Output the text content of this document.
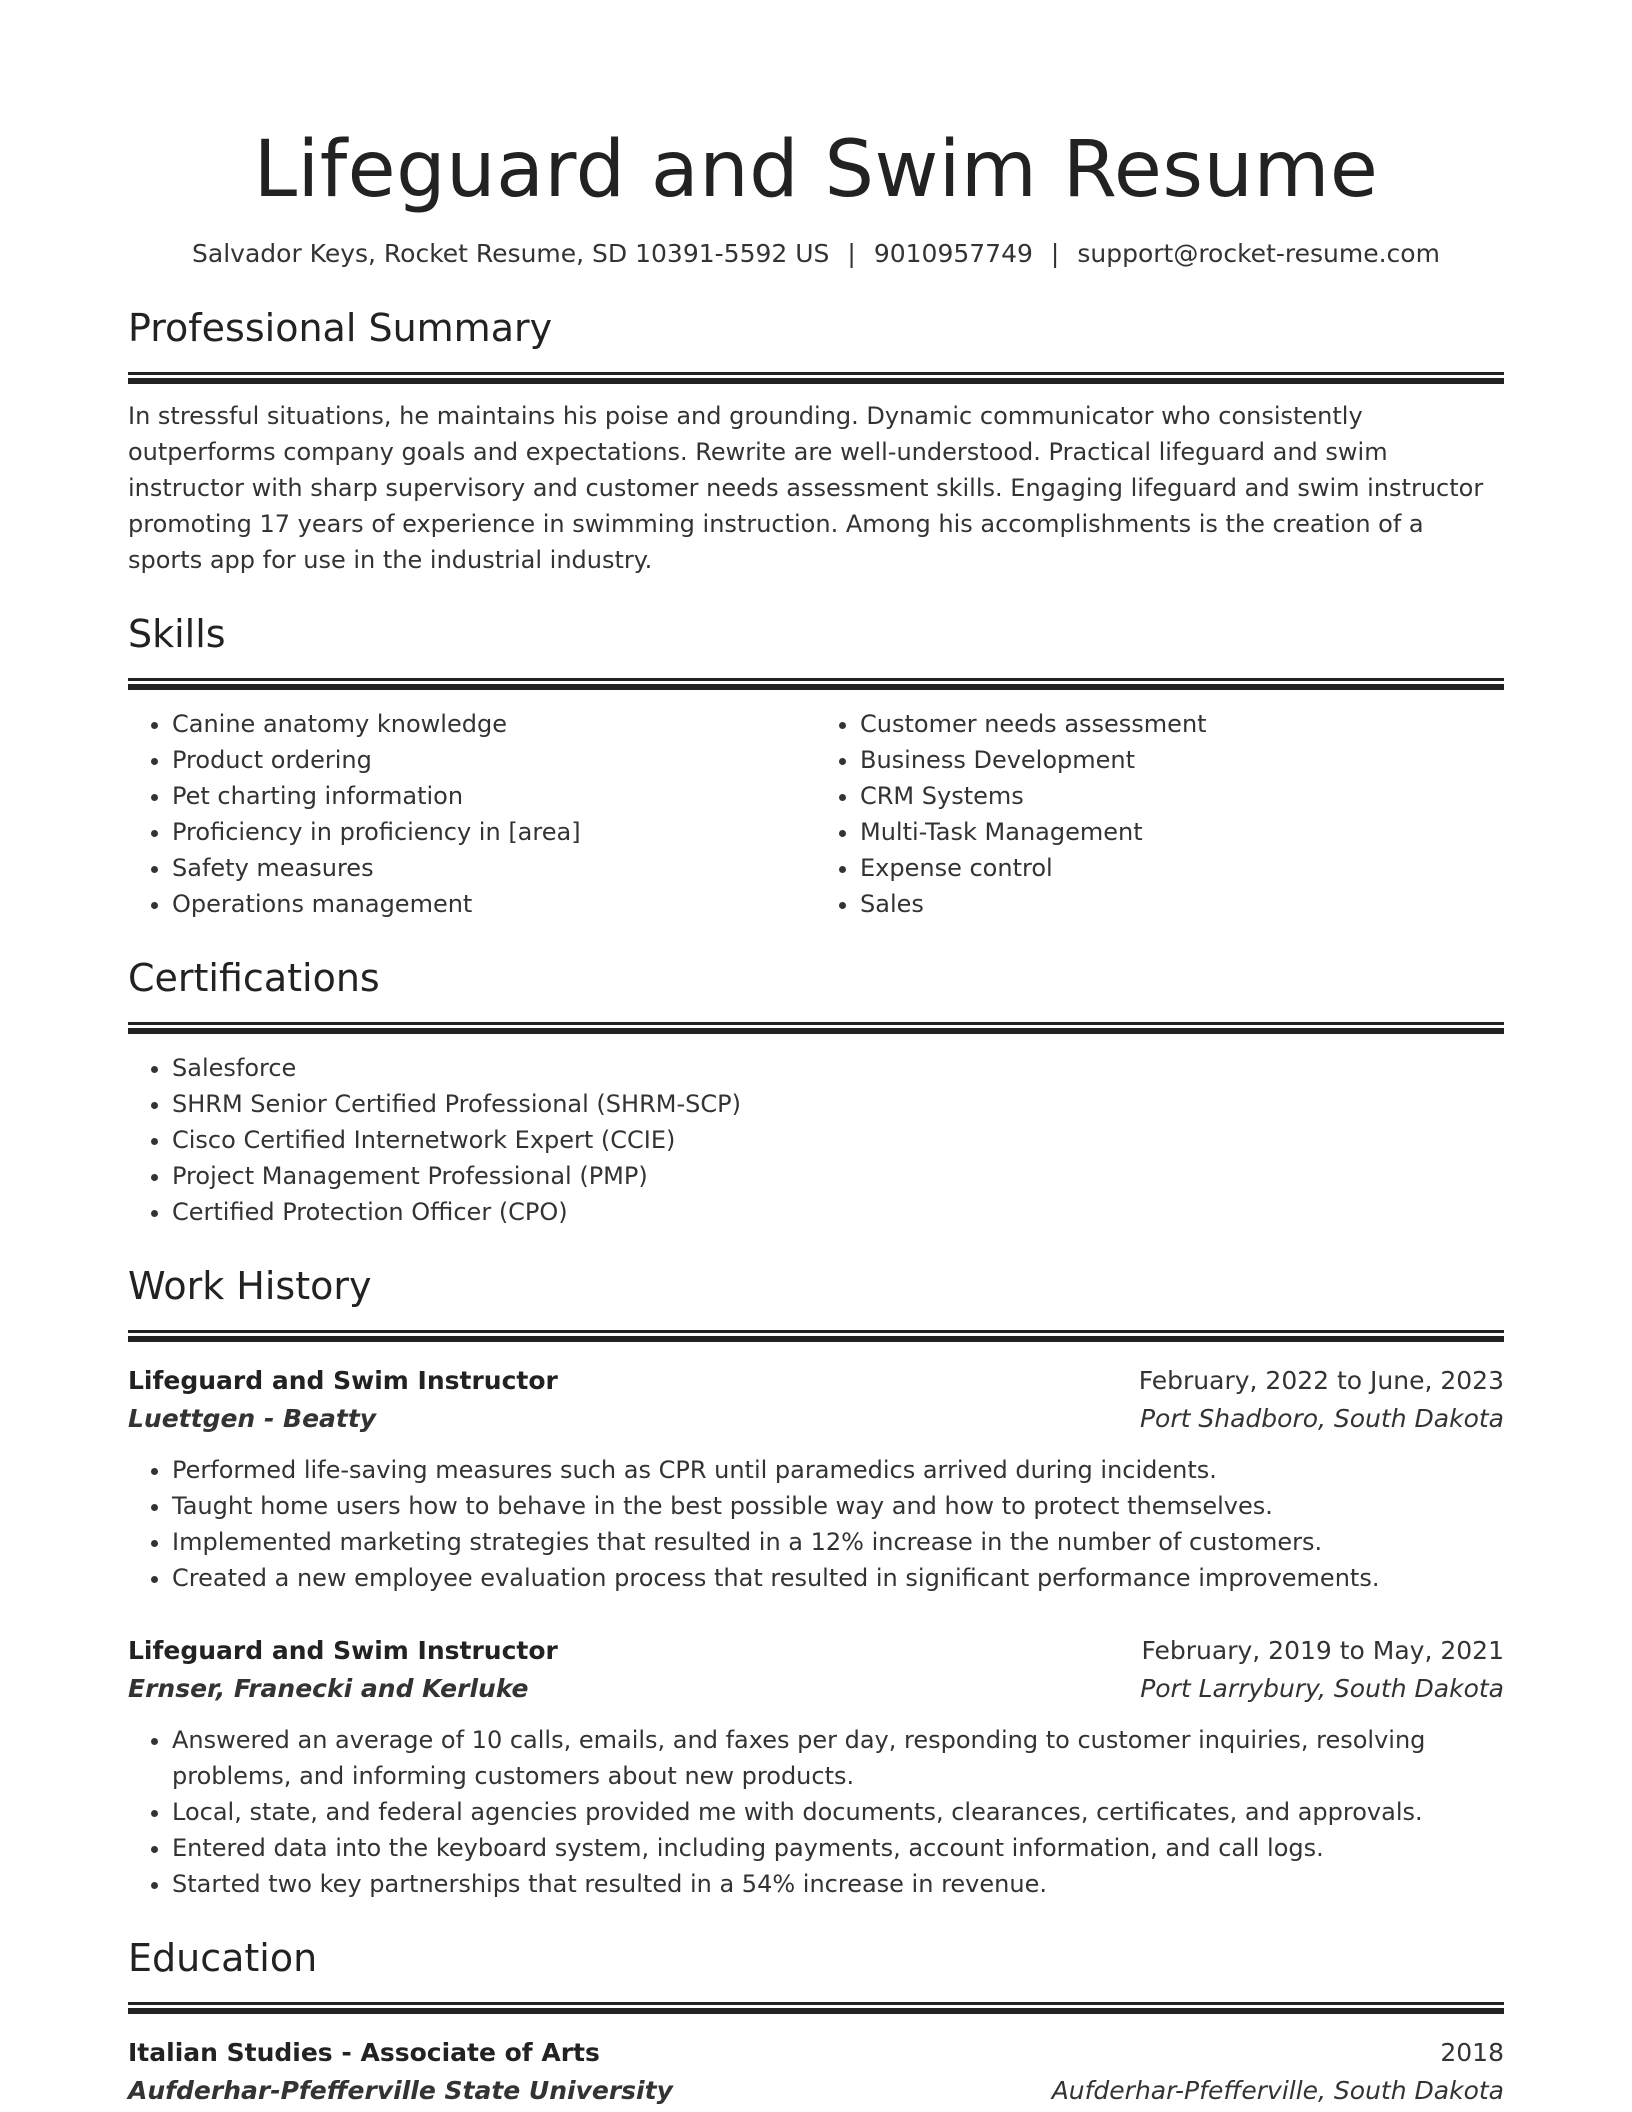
Lifeguard and Swim Resume
Salvador Keys, Rocket Resume, SD 10391-5592 US | 9010957749 | support@rocket-resume.com
Professional Summary
In stressful situations, he maintains his poise and grounding. Dynamic communicator who consistently outperforms company goals and expectations. Rewrite are well-understood. Practical lifeguard and swim instructor with sharp supervisory and customer needs assessment skills. Engaging lifeguard and swim instructor promoting 17 years of experience in swimming instruction. Among his accomplishments is the creation of a sports app for use in the industrial industry.
Skills
• Canine anatomy knowledge
• Product ordering
• Pet charting information
• Proficiency in proficiency in [area]
• Safety measures
• Operations management
• Customer needs assessment
• Business Development
• CRM Systems
• Multi-Task Management
• Expense control
• Sales
Certifications
• Salesforce
• SHRM Senior Certified Professional (SHRM-SCP)
• Cisco Certified Internetwork Expert (CCIE)
• Project Management Professional (PMP)
• Certified Protection Officer (CPO)
Work History
Lifeguard and Swim Instructor	February, 2022 to June, 2023
Luettgen - Beatty	Port Shadboro, South Dakota
• Performed life-saving measures such as CPR until paramedics arrived during incidents.
• Taught home users how to behave in the best possible way and how to protect themselves.
• Implemented marketing strategies that resulted in a 12% increase in the number of customers.
• Created a new employee evaluation process that resulted in significant performance improvements.
Lifeguard and Swim Instructor	February, 2019 to May, 2021
Ernser, Franecki and Kerluke	Port Larrybury, South Dakota
• Answered an average of 10 calls, emails, and faxes per day, responding to customer inquiries, resolving problems, and informing customers about new products.
• Local, state, and federal agencies provided me with documents, clearances, certificates, and approvals.
• Entered data into the keyboard system, including payments, account information, and call logs.
• Started two key partnerships that resulted in a 54% increase in revenue.
Education
Italian Studies - Associate of Arts	2018
Aufderhar-Pfefferville State University	Aufderhar-Pfefferville, South Dakota
